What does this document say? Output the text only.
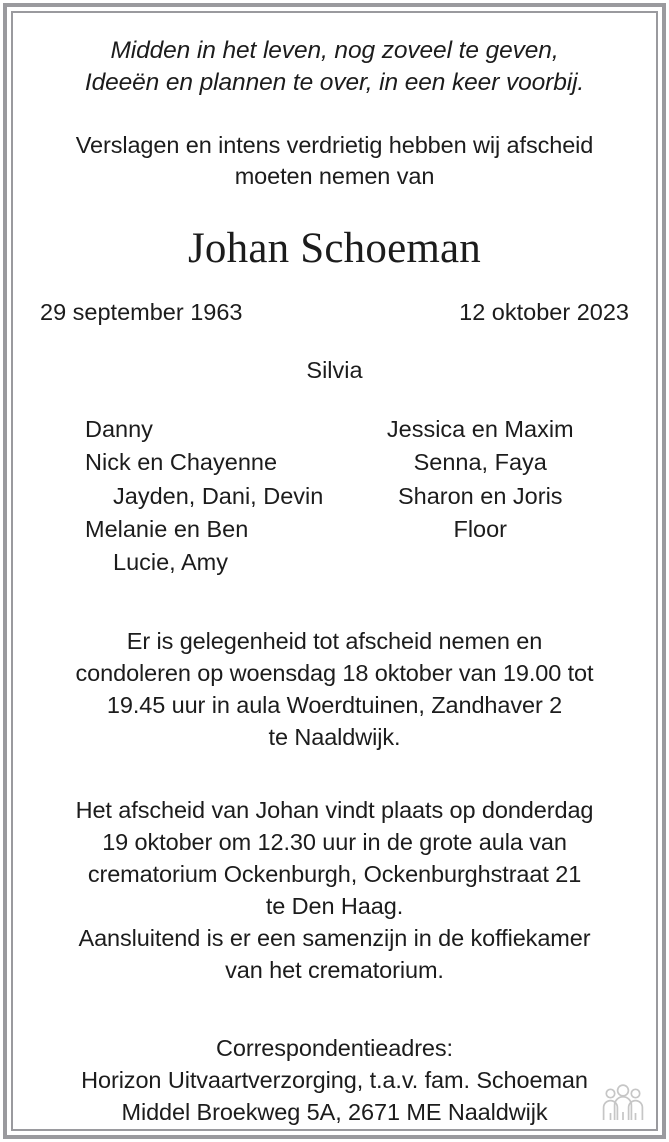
Midden in het leven, nog zoveel te geven,
Ideeën en plannen te over, in een keer voorbij.
Verslagen en intens verdrietig hebben wij afscheid
moeten nemen van
Johan Schoeman
29 september 1963	12 oktober 2023
Silvia
Danny
Nick en Chayenne
Jayden, Dani, Devin
Melanie en Ben
Lucie, Amy
Jessica en Maxim
Senna, Faya
Sharon en Joris
Floor
Er is gelegenheid tot afscheid nemen en
condoleren op woensdag 18 oktober van 19.00 tot
19.45 uur in aula Woerdtuinen, Zandhaver 2
te Naaldwijk.
Het afscheid van Johan vindt plaats op donderdag
19 oktober om 12.30 uur in de grote aula van
crematorium Ockenburgh, Ockenburghstraat 21
te Den Haag.
Aansluitend is er een samenzijn in de koffiekamer
van het crematorium.
Correspondentieadres:
Horizon Uitvaartverzorging, t.a.v. fam. Schoeman
Middel Broekweg 5A, 2671 ME Naaldwijk
